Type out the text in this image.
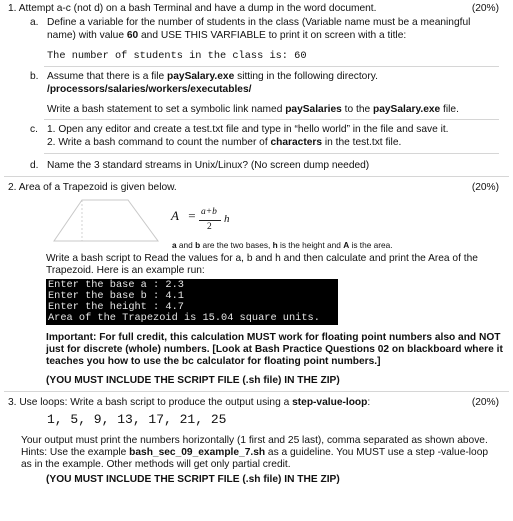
1. Attempt a-c (not d) on a bash Terminal and have a dump in the word document.	(20%)
a. Define a variable for the number of students in the class (Variable name must be a meaningful
name) with value 60 and USE THIS VARFIABLE to print it on screen with a title:
The number of students in the class is: 60
b. Assume that there is a file paySalary.exe sitting in the following directory.
/processors/salaries/workers/executables/
Write a bash statement to set a symbolic link named paySalaries to the paySalary.exe file.
c. 1. Open any editor and create a test.txt file and type in “hello world” in the file and save it.
2. Write a bash command to count the number of characters in the test.txt file.
d. Name the 3 standard streams in Unix/Linux? (No screen dump needed)
2. Area of a Trapezoid is given below.	(20%)
A = a+b
2
h
a and b are the two bases, h is the height and A is the area.
Write a bash script to Read the values for a, b and h and then calculate and print the Area of the Trapezoid. Here is an example run:
Enter the base a : 2.3
Enter the base b : 4.1
Enter the height : 4.7
Area of the Trapezoid is 15.04 square units.
Important: For full credit, this calculation MUST work for floating point numbers also and NOT just for discrete (whole) numbers. [Look at Bash Practice Questions 02 on blackboard where it teaches you how to use the bc calculator for floating point numbers.]
(YOU MUST INCLUDE THE SCRIPT FILE (.sh file) IN THE ZIP)
3. Use loops: Write a bash script to produce the output using a step-value-loop:	(20%)
1, 5, 9, 13, 17, 21, 25
Your output must print the numbers horizontally (1 first and 25 last), comma separated as shown above. Hints: Use the example bash_sec_09_example_7.sh as a guideline. You MUST use a step -value-loop as in the example. Other methods will get only partial credit.
(YOU MUST INCLUDE THE SCRIPT FILE (.sh file) IN THE ZIP)
